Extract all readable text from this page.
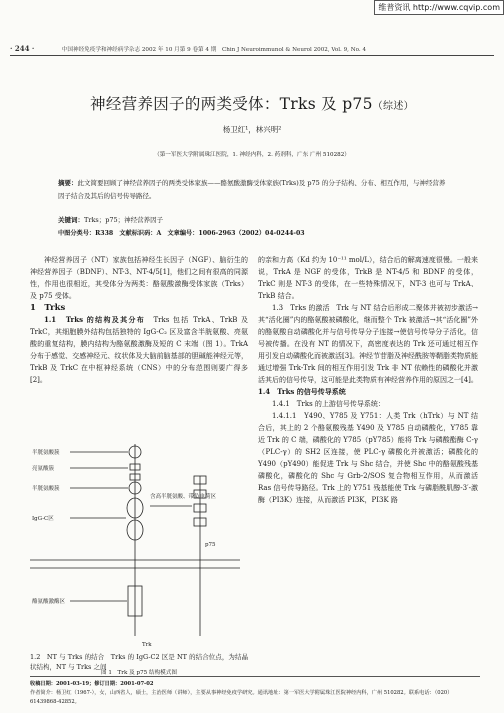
维普资讯 http://www.cqvip.com
· 244 ·	中国神经免疫学和神经病学杂志 2002 年 10 月第 9 卷第 4 期　Chin J Neuroimmunol & Neurol 2002, Vol. 9, No. 4
神经营养因子的两类受体：Trks 及 p75（综述）
杨卫红¹，林兴明²
（第一军医大学附属珠江医院，1. 神经内科，2. 药剂科，广东 广州 510282）
摘要：此文简要回顾了神经营养因子的两类受体家族——酪氨酸激酶受体家族(Trks)及 p75 的分子结构、分布、相互作用，与神经营养因子结合及其后的信号传导路径。
关键词：Trks；p75；神经营养因子
中图分类号：R338　文献标识码：A　文章编号：1006-2963（2002）04-0244-03

神经营养因子（NT）家族包括神经生长因子（NGF）、脑衍生的神经营养因子（BDNF）、NT-3、NT-4/5[1]，他们之间有很高的同源性，作用也很相近，其受体分为两类：酪氨酸激酶受体家族（Trks）及 p75 受体。

1　Trks

1.1　Trks 的结构及其分布　 Trks 包括 TrkA、TrkB 及 TrkC，其细胞膜外结构包括独特的 IgG-C₂ 区及富含半胱氨酸、亮氨酸的重复结构，膜内结构为酪氨酸激酶及短的 C 末端（图 1）。TrkA 分布于感觉、交感神经元、纹状体及大脑前脑基部的胆碱能神经元等，TrkB 及 TrkC 在中枢神经系统（CNS）中的分布范围则要广得多[2]。

半胱氨酸簇
亮氨酸簇
半胱氨酸簇
IgG-C区
含高半胱氨酸、带负电荷区
酪氨酸激酶区
p75
Trk
图 1　Trk 及 p75 结构模式图

的亲和力高（Kd 约为 10⁻¹¹ mol/L），结合后的解离速度很慢。一般来说，TrkA 是 NGF 的受体，TrkB 是 NT-4/5 和 BDNF 的受体，TrkC 则是 NT-3 的受体，在一些特殊情况下，NT-3 也可与 TrkA、TrkB 结合。

1.3　Trks 的激活　Trk 与 NT 结合后形成二聚体并被初步激活→其“活化圈”内的酪氨酸被磷酸化，继而整个 Trk 被激活→其“活化圈”外的酪氨酸自动磷酸化并与信号传导分子连接→使信号传导分子活化，信号被传播。在没有 NT 的情况下，高密度表达的 Trk 还可通过相互作用引发自动磷酸化而被激活[3]。神经节苷脂及神经酰胺等鞘脂类物质能通过增强 Trk-Trk 间的相互作用引发 Trk 非 NT 依赖性的磷酸化并激活其后的信号传导，这可能是此类物质有神经营养作用的原因之一[4]。

1.4　Trks 的信号传导系统

1.4.1　Trks 的上游信号传导系统：

1.4.1.1　Y490、Y785 及 Y751：人类 Trk（hTrk）与 NT 结合后，其上的 2 个酪氨酸残基 Y490 及 Y785 自动磷酸化，Y785 靠近 Trk 的 C 端，磷酸化的 Y785（pY785）能将 Trk 与磷酸酯酶 C-γ（PLC-γ）的 SH2 区连接，使 PLC-γ 磷酸化并被激活；磷酸化的 Y490（pY490）能促进 Trk 与 Shc 结合，并使 Shc 中的酪氨酸残基磷酸化，磷酸化的 Shc 与 Grb-2/SOS 复合物相互作用，从而激活 Ras 信号传导路径。Trk 上的 Y751 残基能使 Trk 与磷脂酰肌醇-3′-激酶（PI3K）连接，从而激活 PI3K，PI3K 路

1.2　NT 与 Trks 的结合　Trks 的 IgG-C2 区是 NT 的结合位点，为结晶状结构，NT 与 Trks 之间
收稿日期：2001-03-19；修订日期：2001-07-02
作者简介：杨卫红（1967-），女，山西省人，硕士，主治医师（讲师），主要从事神经免疫学研究。通讯地址：第一军医大学附属珠江医院神经内科，广州 510282。联系电话：（020）61439868-42852。
